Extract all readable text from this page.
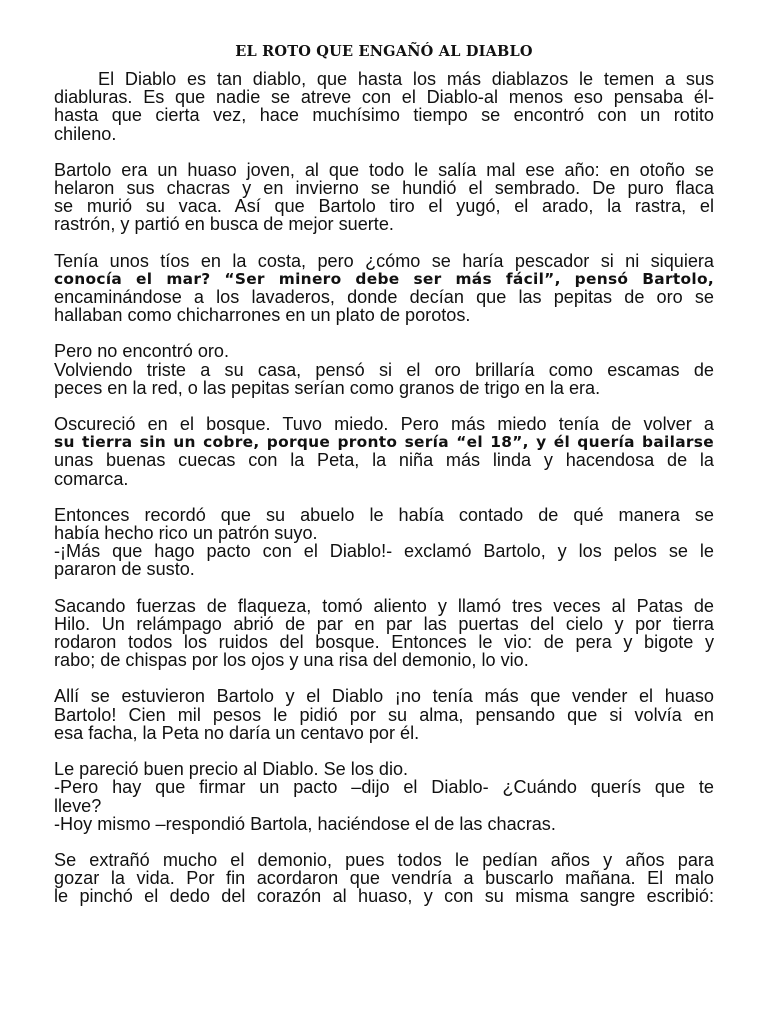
EL ROTO QUE ENGAÑÓ AL DIABLO
El Diablo es tan diablo, que hasta los más diablazos le temen a sus
diabluras. Es que nadie se atreve con el Diablo-al menos eso pensaba él-
hasta que cierta vez, hace muchísimo tiempo se encontró con un rotito
chileno.
Bartolo era un huaso joven, al que todo le salía mal ese año: en otoño se
helaron sus chacras y en invierno se hundió el sembrado. De puro flaca
se murió su vaca. Así que Bartolo tiro el yugó, el arado, la rastra, el
rastrón, y partió en busca de mejor suerte.
Tenía unos tíos en la costa, pero ¿cómo se haría pescador si ni siquiera
conocía el mar? “Ser minero debe ser más fácil”, pensó Bartolo,
encaminándose a los lavaderos, donde decían que las pepitas de oro se
hallaban como chicharrones en un plato de porotos.
Pero no encontró oro.
Volviendo triste a su casa, pensó si el oro brillaría como escamas de
peces en la red, o las pepitas serían como granos de trigo en la era.
Oscureció en el bosque. Tuvo miedo. Pero más miedo tenía de volver a
su tierra sin un cobre, porque pronto sería “el 18”, y él quería bailarse
unas buenas cuecas con la Peta, la niña más linda y hacendosa de la
comarca.
Entonces recordó que su abuelo le había contado de qué manera se
había hecho rico un patrón suyo.
-¡Más que hago pacto con el Diablo!- exclamó Bartolo, y los pelos se le
pararon de susto.
Sacando fuerzas de flaqueza, tomó aliento y llamó tres veces al Patas de
Hilo. Un relámpago abrió de par en par las puertas del cielo y por tierra
rodaron todos los ruidos del bosque. Entonces le vio: de pera y bigote y
rabo; de chispas por los ojos y una risa del demonio, lo vio.
Allí se estuvieron Bartolo y el Diablo ¡no tenía más que vender el huaso
Bartolo! Cien mil pesos le pidió por su alma, pensando que si volvía en
esa facha, la Peta no daría un centavo por él.
Le pareció buen precio al Diablo. Se los dio.
-Pero hay que firmar un pacto –dijo el Diablo- ¿Cuándo querís que te
lleve?
-Hoy mismo –respondió Bartola, haciéndose el de las chacras.
Se extrañó mucho el demonio, pues todos le pedían años y años para
gozar la vida. Por fin acordaron que vendría a buscarlo mañana. El malo
le pinchó el dedo del corazón al huaso, y con su misma sangre escribió:
